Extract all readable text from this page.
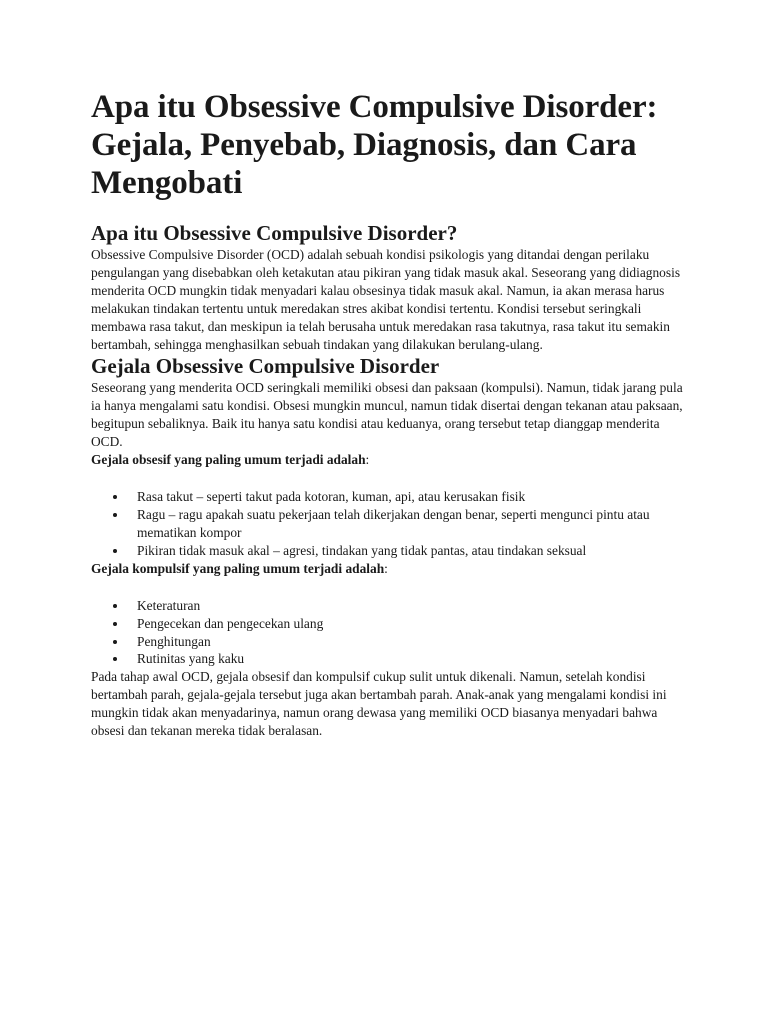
Apa itu Obsessive Compulsive Disorder: Gejala, Penyebab, Diagnosis, dan Cara Mengobati
Apa itu Obsessive Compulsive Disorder?

Obsessive Compulsive Disorder (OCD) adalah sebuah kondisi psikologis yang ditandai dengan perilaku pengulangan yang disebabkan oleh ketakutan atau pikiran yang tidak masuk akal. Seseorang yang didiagnosis menderita OCD mungkin tidak menyadari kalau obsesinya tidak masuk akal. Namun, ia akan merasa harus melakukan tindakan tertentu untuk meredakan stres akibat kondisi tertentu. Kondisi tersebut seringkali membawa rasa takut, dan meskipun ia telah berusaha untuk meredakan rasa takutnya, rasa takut itu semakin bertambah, sehingga menghasilkan sebuah tindakan yang dilakukan berulang-ulang.

Gejala Obsessive Compulsive Disorder

Seseorang yang menderita OCD seringkali memiliki obsesi dan paksaan (kompulsi). Namun, tidak jarang pula ia hanya mengalami satu kondisi. Obsesi mungkin muncul, namun tidak disertai dengan tekanan atau paksaan, begitupun sebaliknya. Baik itu hanya satu kondisi atau keduanya, orang tersebut tetap dianggap menderita OCD.

Gejala obsesif yang paling umum terjadi adalah:

Rasa takut – seperti takut pada kotoran, kuman, api, atau kerusakan fisik
Ragu – ragu apakah suatu pekerjaan telah dikerjakan dengan benar, seperti mengunci pintu atau mematikan kompor
Pikiran tidak masuk akal – agresi, tindakan yang tidak pantas, atau tindakan seksual

Gejala kompulsif yang paling umum terjadi adalah:

Keteraturan
Pengecekan dan pengecekan ulang
Penghitungan
Rutinitas yang kaku

Pada tahap awal OCD, gejala obsesif dan kompulsif cukup sulit untuk dikenali. Namun, setelah kondisi bertambah parah, gejala-gejala tersebut juga akan bertambah parah. Anak-anak yang mengalami kondisi ini mungkin tidak akan menyadarinya, namun orang dewasa yang memiliki OCD biasanya menyadari bahwa obsesi dan tekanan mereka tidak beralasan.
